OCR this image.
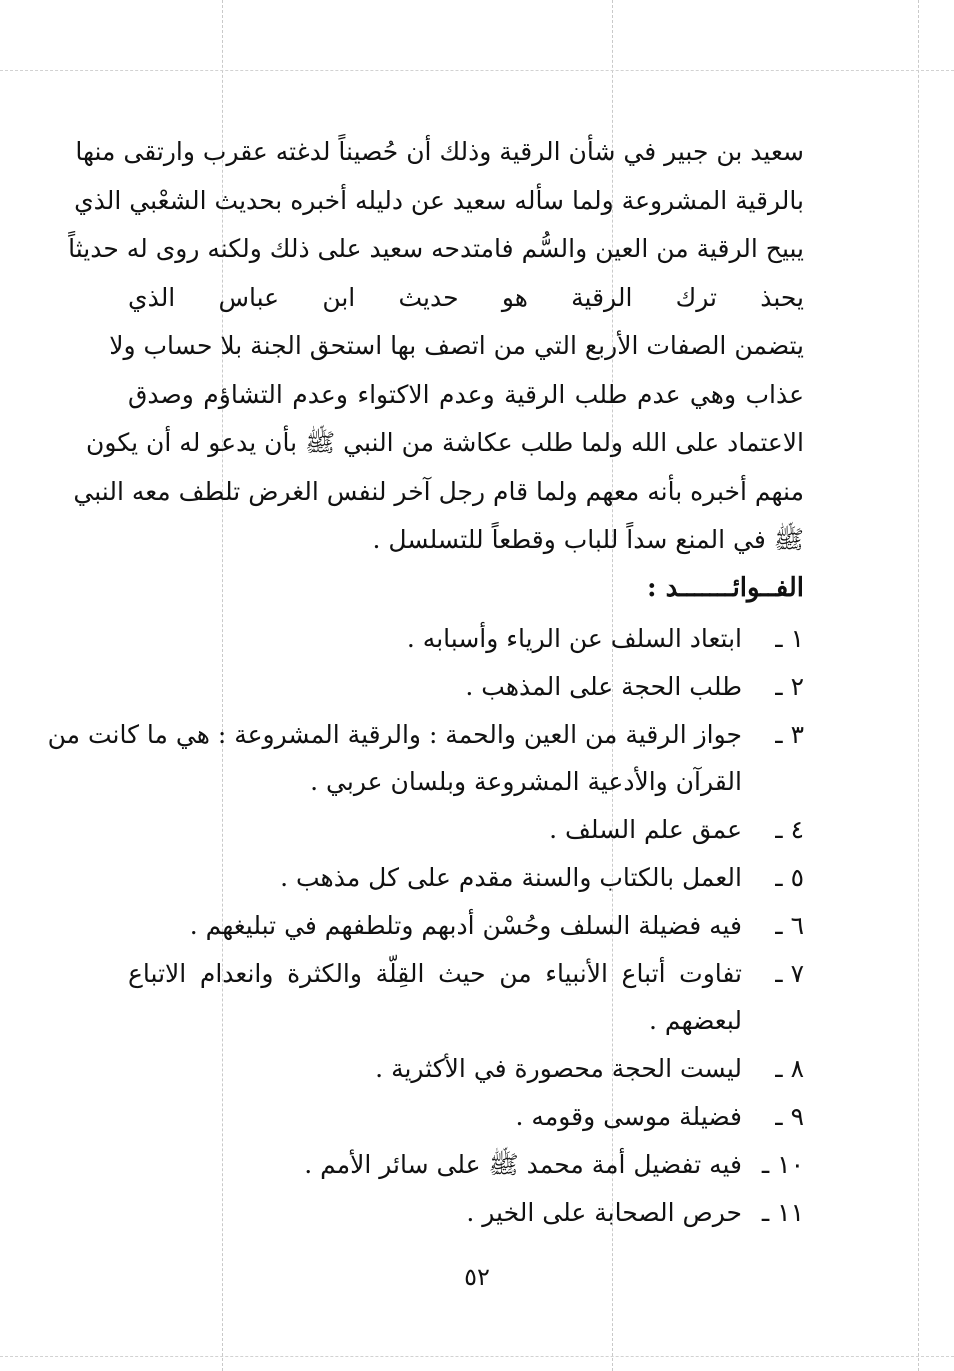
سعيد بن جبير في شأن الرقية وذلك أن حُصيناً لدغته عقرب وارتقى منها
بالرقية المشروعة ولما سأله سعيد عن دليله أخبره بحديث الشعْبي الذي
يبيح الرقية من العين والسُّم فامتدحه سعيد على ذلك ولكنه روى له حديثاً
يحبذ ترك الرقية هو حديث ابن عباس الذي
يتضمن الصفات الأربع التي من اتصف بها استحق الجنة بلا حساب ولا
عذاب وهي عدم طلب الرقية وعدم الاكتواء وعدم التشاؤم وصدق
الاعتماد على الله ولما طلب عكاشة من النبي ﷺ بأن يدعو له أن يكون
منهم أخبره بأنه معهم ولما قام رجل آخر لنفس الغرض تلطف معه النبي
ﷺ في المنع سداً للباب وقطعاً للتسلسل .
الفــوائـــــــد :
١ ـ
ابتعاد السلف عن الرياء وأسبابه .
٢ ـ
طلب الحجة على المذهب .
٣ ـ
جواز الرقية من العين والحمة : والرقية المشروعة : هي ما كانت من
القرآن والأدعية المشروعة وبلسان عربي .
٤ ـ
عمق علم السلف .
٥ ـ
العمل بالكتاب والسنة مقدم على كل مذهب .
٦ ـ
فيه فضيلة السلف وحُسْن أدبهم وتلطفهم في تبليغهم .
٧ ـ
تفاوت أتباع الأنبياء من حيث القِلّة والكثرة وانعدام الاتباع
لبعضهم .
٨ ـ
ليست الحجة محصورة في الأكثرية .
٩ ـ
فضيلة موسى وقومه .
١٠ ـ
فيه تفضيل أمة محمد ﷺ على سائر الأمم .
١١ ـ
حرص الصحابة على الخير .
٥٢
